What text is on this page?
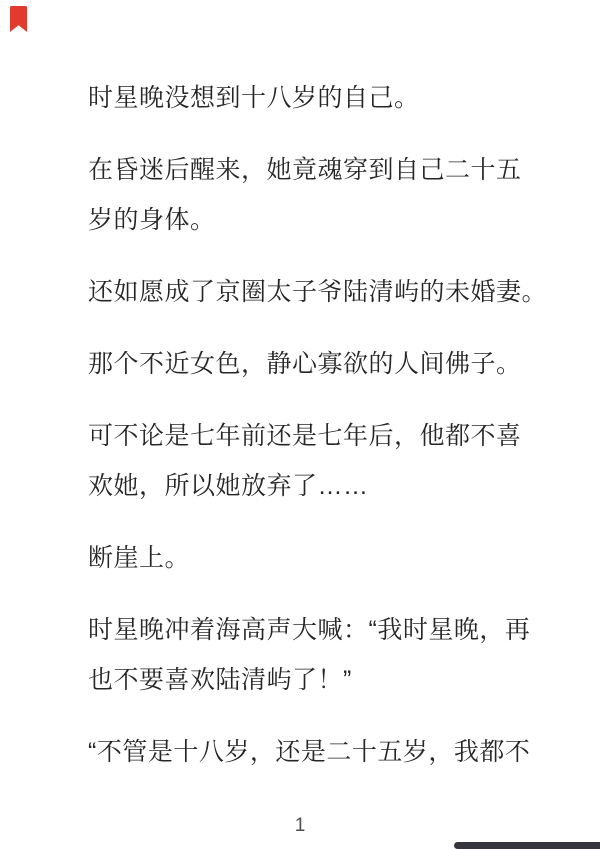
时星晚没想到十八岁的自己。

在昏迷后醒来，她竟魂穿到自己二十五
岁的身体。

还如愿成了京圈太子爷陆清屿的未婚妻。

那个不近女色，静心寡欲的人间佛子。

可不论是七年前还是七年后，他都不喜
欢她，所以她放弃了……

断崖上。

时星晚冲着海高声大喊：“我时星晚，再
也不要喜欢陆清屿了！”

“不管是十八岁，还是二十五岁，我都不

1
